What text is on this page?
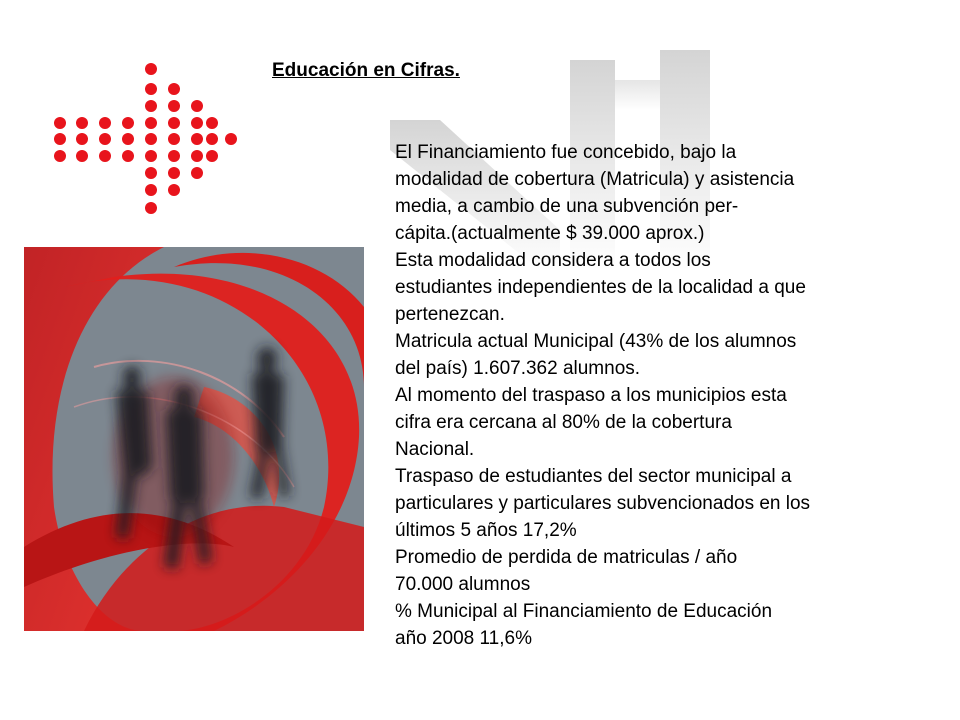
Educación en Cifras.
El Financiamiento fue concebido, bajo la
modalidad de cobertura (Matricula) y asistencia
media, a cambio de una subvención per-
cápita.(actualmente $ 39.000 aprox.)
Esta modalidad considera a todos los
estudiantes independientes de la localidad a que
pertenezcan.
Matricula actual Municipal (43% de los alumnos
del país) 1.607.362 alumnos.
Al momento del traspaso a los municipios esta
cifra era cercana al 80% de la cobertura
Nacional.
Traspaso de estudiantes del sector municipal a
particulares y particulares subvencionados en los
últimos 5 años 17,2%
Promedio de perdida de matriculas / año
70.000 alumnos
% Municipal al Financiamiento de Educación
año 2008 11,6%
